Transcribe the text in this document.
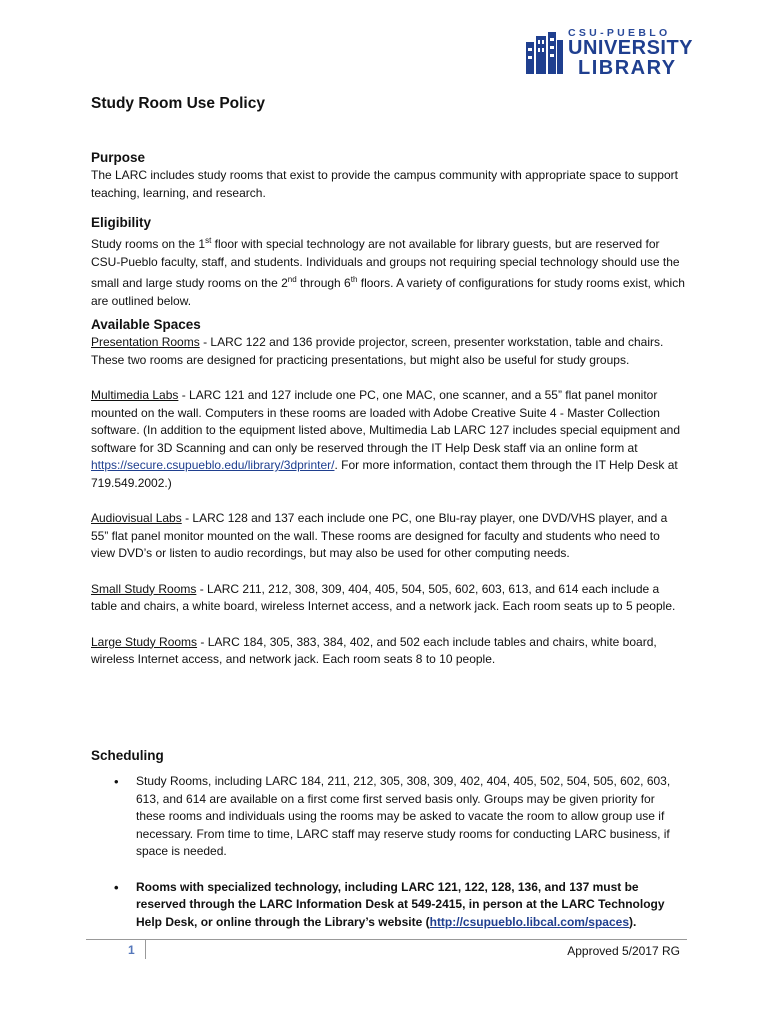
CSU-PUEBLO
UNIVERSITY
LIBRARY
Study Room Use Policy
Purpose

The LARC includes study rooms that exist to provide the campus community with appropriate space to support teaching, learning, and research.

Eligibility

Study rooms on the 1st floor with special technology are not available for library guests, but are reserved for CSU-Pueblo faculty, staff, and students. Individuals and groups not requiring special technology should use the small and large study rooms on the 2nd through 6th floors. A variety of configurations for study rooms exist, which are outlined below.

Available Spaces

Presentation Rooms - LARC 122 and 136 provide projector, screen, presenter workstation, table and chairs. These two rooms are designed for practicing presentations, but might also be useful for study groups.

Multimedia Labs - LARC 121 and 127 include one PC, one MAC, one scanner, and a 55” flat panel monitor mounted on the wall. Computers in these rooms are loaded with Adobe Creative Suite 4 - Master Collection software. (In addition to the equipment listed above, Multimedia Lab LARC 127 includes special equipment and software for 3D Scanning and can only be reserved through the IT Help Desk staff via an online form at https://secure.csupueblo.edu/library/3dprinter/. For more information, contact them through the IT Help Desk at 719.549.2002.)

Audiovisual Labs - LARC 128 and 137 each include one PC, one Blu-ray player, one DVD/VHS player, and a 55” flat panel monitor mounted on the wall. These rooms are designed for faculty and students who need to view DVD’s or listen to audio recordings, but may also be used for other computing needs.

Small Study Rooms - LARC 211, 212, 308, 309, 404, 405, 504, 505, 602, 603, 613, and 614 each include a table and chairs, a white board, wireless Internet access, and a network jack. Each room seats up to 5 people.

Large Study Rooms - LARC 184, 305, 383, 384, 402, and 502 each include tables and chairs, white board, wireless Internet access, and network jack. Each room seats 8 to 10 people.

Scheduling
• Study Rooms, including LARC 184, 211, 212, 305, 308, 309, 402, 404, 405, 502, 504, 505, 602, 603, 613, and 614 are available on a first come first served basis only. Groups may be given priority for these rooms and individuals using the rooms may be asked to vacate the room to allow group use if necessary. From time to time, LARC staff may reserve study rooms for conducting LARC business, if space is needed.
• Rooms with specialized technology, including LARC 121, 122, 128, 136, and 137 must be reserved through the LARC Information Desk at 549-2415, in person at the LARC Technology Help Desk, or online through the Library’s website (http://csupueblo.libcal.com/spaces).
1	Approved 5/2017 RG
